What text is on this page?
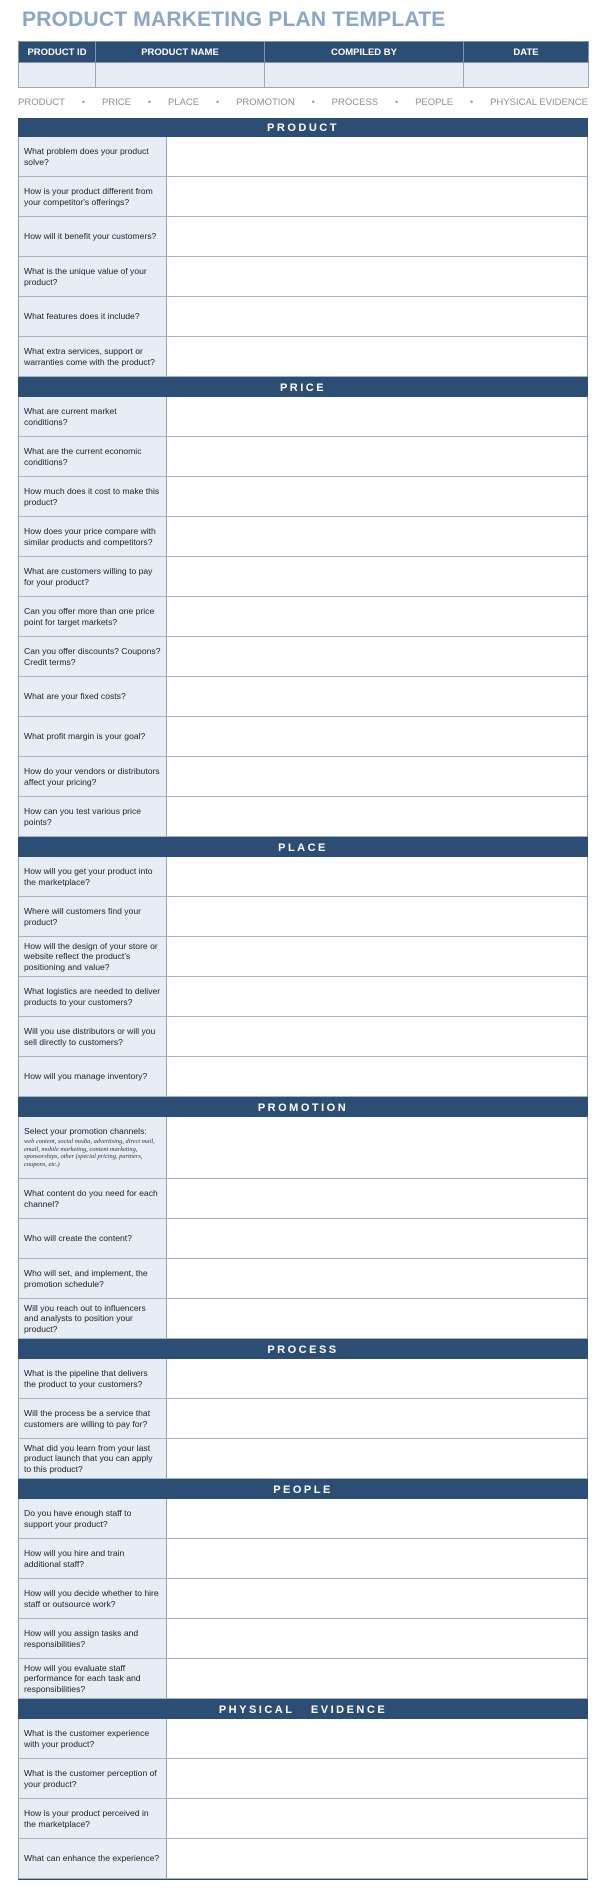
PRODUCT MARKETING PLAN TEMPLATE
PRODUCT ID	PRODUCT NAME	COMPILED BY	DATE

PRODUCT • PRICE • PLACE • PROMOTION • PROCESS • PEOPLE • PHYSICAL EVIDENCE
PRODUCT
What problem does your product solve?
How is your product different from your competitor's offerings?
How will it benefit your customers?
What is the unique value of your product?
What features does it include?
What extra services, support or warranties come with the product?
PRICE
What are current market conditions?
What are the current economic conditions?
How much does it cost to make this product?
How does your price compare with similar products and competitors?
What are customers willing to pay for your product?
Can you offer more than one price point for target markets?
Can you offer discounts? Coupons? Credit terms?
What are your fixed costs?
What profit margin is your goal?
How do your vendors or distributors affect your pricing?
How can you test various price points?
PLACE
How will you get your product into the marketplace?
Where will customers find your product?
How will the design of your store or website reflect the product's positioning and value?
What logistics are needed to deliver products to your customers?
Will you use distributors or will you sell directly to customers?
How will you manage inventory?
PROMOTION
Select your promotion channels:
web content, social media, advertising, direct mail, email, mobile marketing, content marketing, sponsorships, other (special pricing, partners, coupons, etc.)
What content do you need for each channel?
Who will create the content?
Who will set, and implement, the promotion schedule?
Will you reach out to influencers and analysts to position your product?
PROCESS
What is the pipeline that delivers the product to your customers?
Will the process be a service that customers are willing to pay for?
What did you learn from your last product launch that you can apply to this product?
PEOPLE
Do you have enough staff to support your product?
How will you hire and train additional staff?
How will you decide whether to hire staff or outsource work?
How will you assign tasks and responsibilities?
How will you evaluate staff performance for each task and responsibilities?
PHYSICAL   EVIDENCE
What is the customer experience with your product?
What is the customer perception of your product?
How is your product perceived in the marketplace?
What can enhance the experience?
